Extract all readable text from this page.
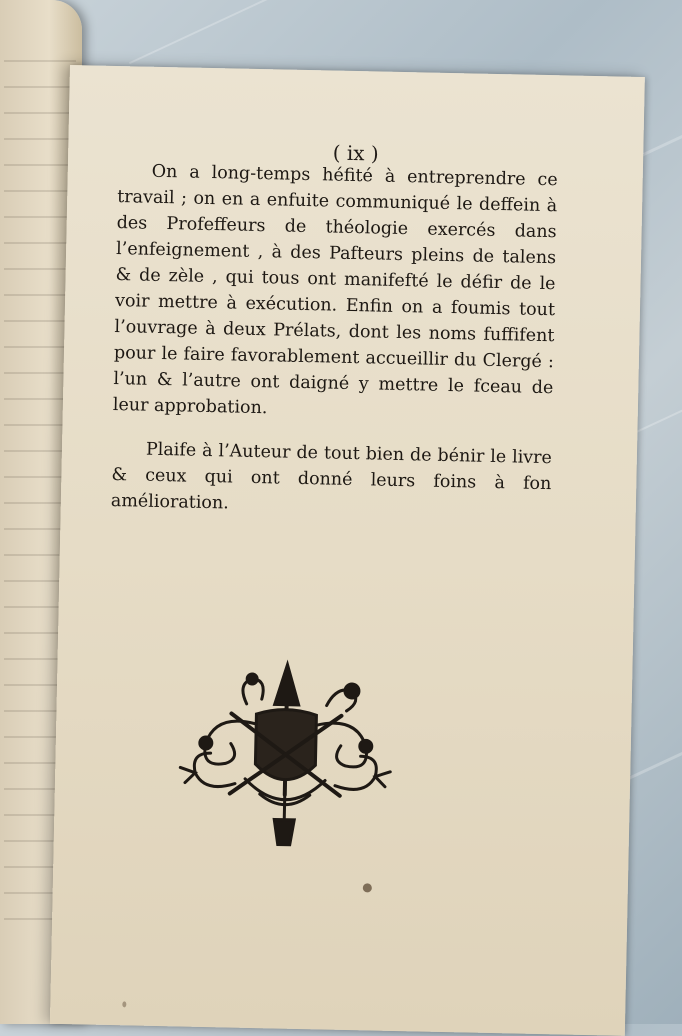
( ix )

On a long-temps héfité à entreprendre ce travail ; on en a enfuite communiqué le deffein à des Profeffeurs de théologie exercés dans l’enfeignement , à des Pafteurs pleins de talens & de zèle , qui tous ont manifefté le défir de le voir mettre à exécution. Enfin on a foumis tout l’ouvrage à deux Prélats, dont les noms fuffifent pour le faire favorablement accueillir du Clergé : l’un & l’autre ont daigné y mettre le fceau de leur approbation.

Plaife à l’Auteur de tout bien de bénir le livre & ceux qui ont donné leurs foins à fon amélioration.
